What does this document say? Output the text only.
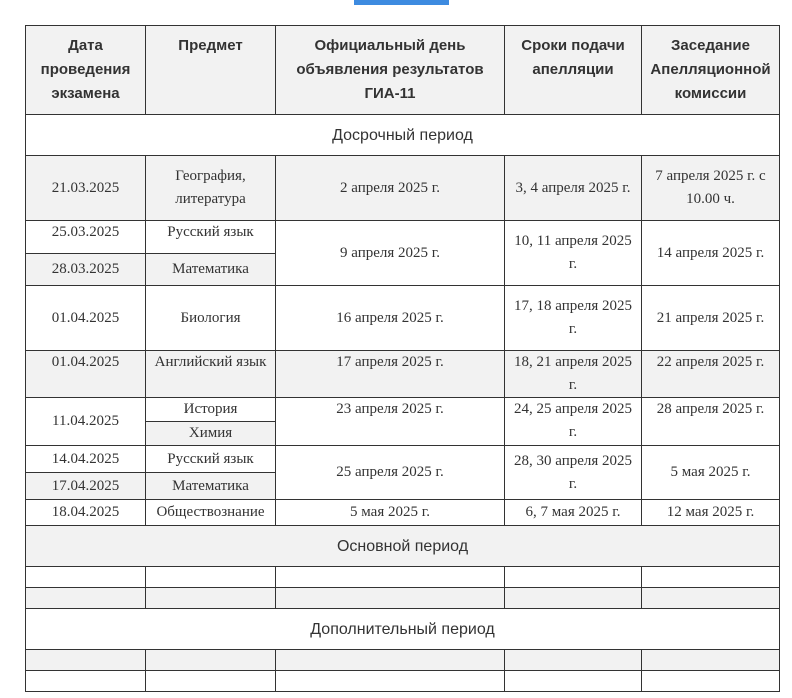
Дата проведения экзамена	Предмет	Официальный день объявления результатов ГИА-11	Сроки подачи апелляции	Заседание Апелляционной комиссии
Досрочный период				
21.03.2025	География, литература	2 апреля 2025 г.	3, 4 апреля 2025 г.	7 апреля 2025 г. с 10.00 ч.
25.03.2025	Русский язык	9 апреля 2025 г.	10, 11 апреля 2025 г.	14 апреля 2025 г.
28.03.2025	Математика			
01.04.2025	Биология	16 апреля 2025 г.	17, 18 апреля 2025 г.	21 апреля 2025 г.
01.04.2025	Английский язык	17 апреля 2025 г.	18, 21 апреля 2025 г.	22 апреля 2025 г.
11.04.2025	История	23 апреля 2025 г.	24, 25 апреля 2025 г.	28 апреля 2025 г.
	Химия			
14.04.2025	Русский язык	25 апреля 2025 г.	28, 30 апреля 2025 г.	5 мая 2025 г.
17.04.2025	Математика			
18.04.2025	Обществознание	5 мая 2025 г.	6, 7 мая 2025 г.	12 мая 2025 г.
Основной период				

Дополнительный период				
